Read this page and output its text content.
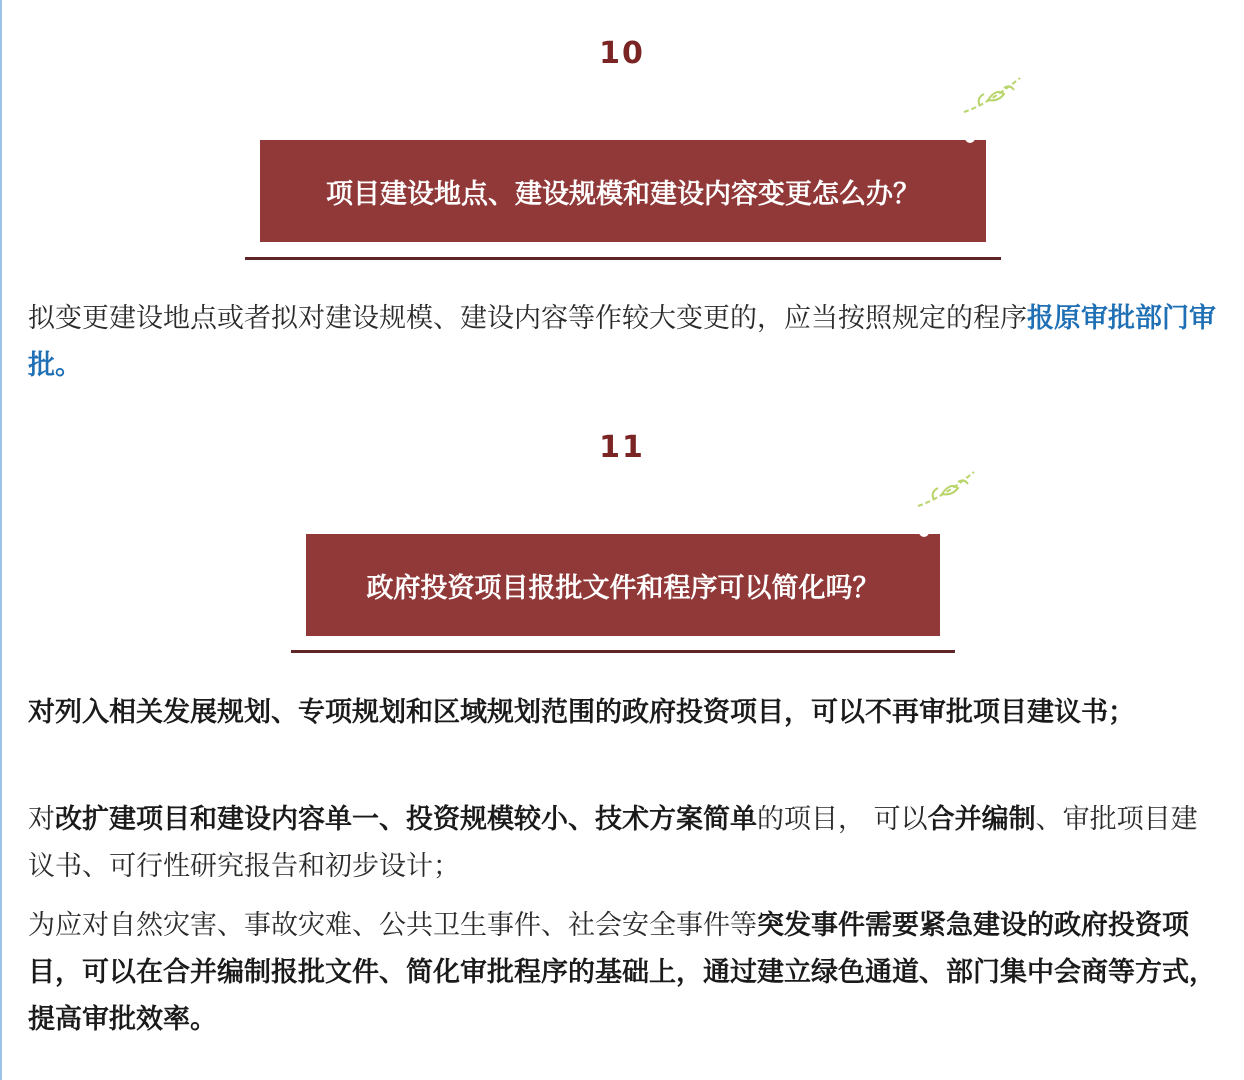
10
项目建设地点、建设规模和建设内容变更怎么办？
拟变更建设地点或者拟对建设规模、建设内容等作较大变更的，应当按照规定的程序报原审批部门审批。
11
政府投资项目报批文件和程序可以简化吗？
对列入相关发展规划、专项规划和区域规划范围的政府投资项目，可以不再审批项目建议书；
对改扩建项目和建设内容单一、投资规模较小、技术方案简单的项目， 可以合并编制、审批项目建议书、可行性研究报告和初步设计；
为应对自然灾害、事故灾难、公共卫生事件、社会安全事件等突发事件需要紧急建设的政府投资项目，可以在合并编制报批文件、简化审批程序的基础上，通过建立绿色通道、部门集中会商等方式，提高审批效率。
